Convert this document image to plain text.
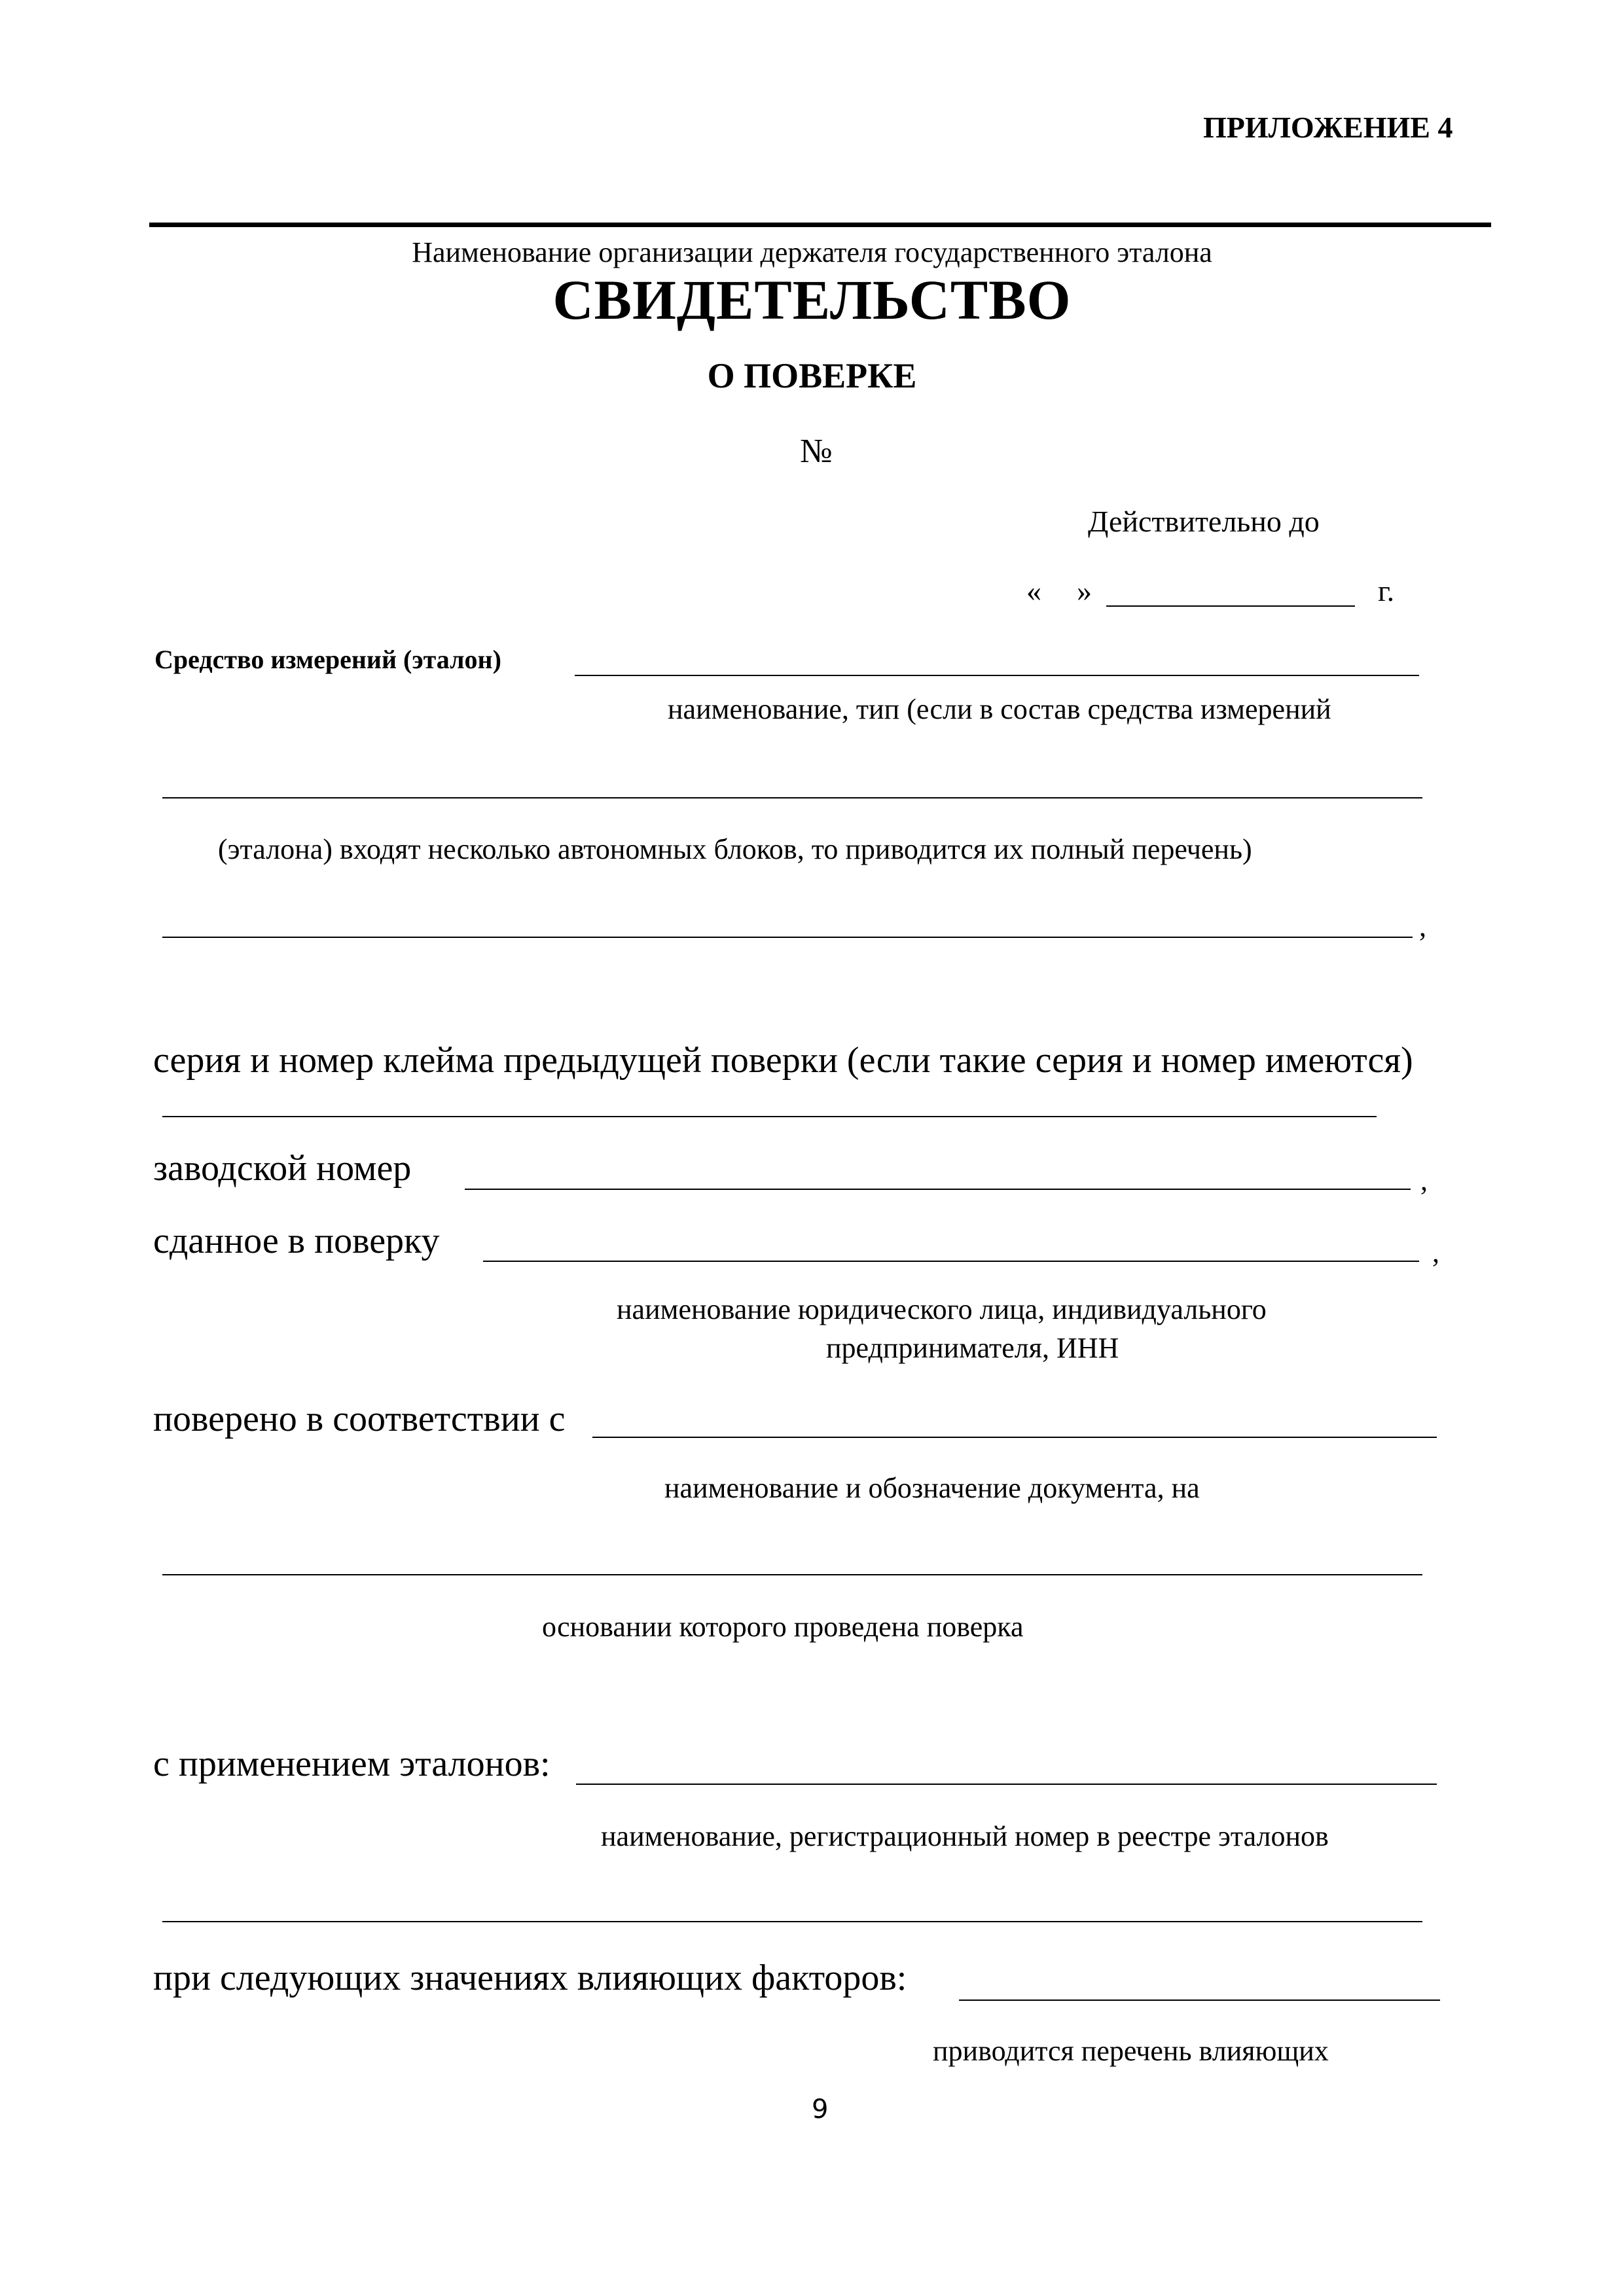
ПРИЛОЖЕНИЕ 4
Наименование организации держателя государственного эталона
СВИДЕТЕЛЬСТВО
О ПОВЕРКЕ
№
Действительно до
« »	г.
Средство измерений (эталон)
наименование, тип (если в состав средства измерений
(эталона) входят несколько автономных блоков, то приводится их полный перечень)
,
серия и номер клейма предыдущей поверки (если такие серия и номер имеются)
заводской номер	,
сданное в поверку	,
наименование юридического лица, индивидуального
предпринимателя, ИНН
поверено в соответствии с
наименование и обозначение документа, на
основании которого проведена поверка
с применением эталонов:
наименование, регистрационный номер в реестре эталонов
при следующих значениях влияющих факторов:
приводится перечень влияющих
9
